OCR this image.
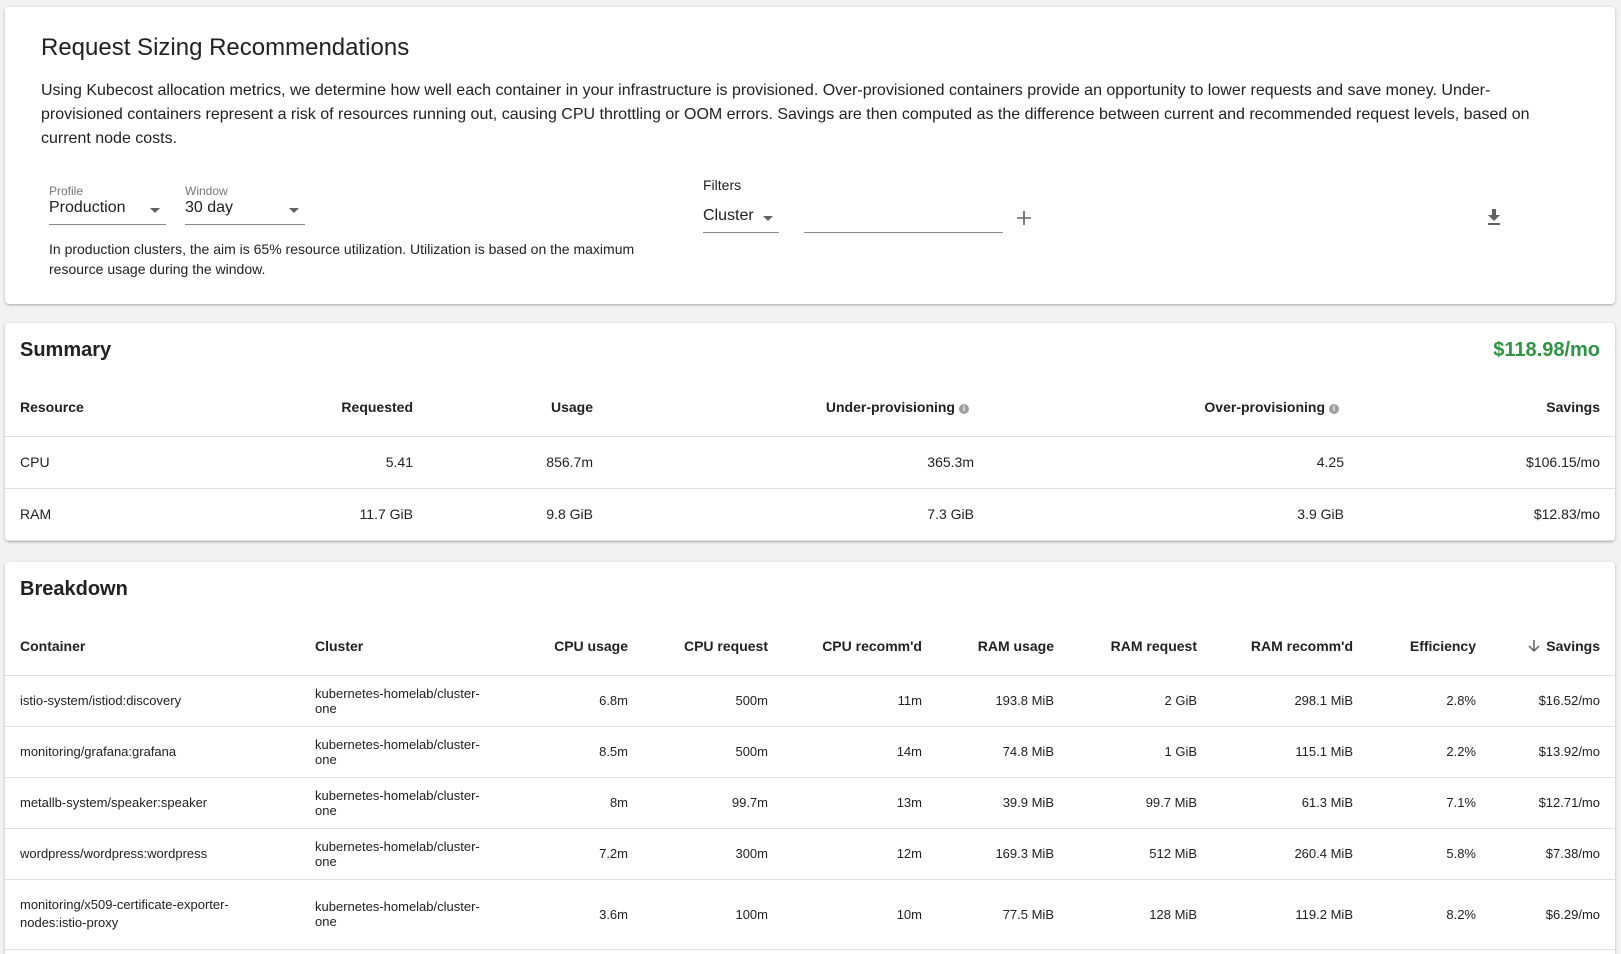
Request Sizing Recommendations

Using Kubecost allocation metrics, we determine how well each container in your infrastructure is provisioned. Over-provisioned containers provide an opportunity to lower requests and save money. Under-provisioned containers represent a risk of resources running out, causing CPU throttling or OOM errors. Savings are then computed as the difference between current and recommended request levels, based on current node costs.

Profile
Production
Window
30 day

In production clusters, the aim is 65% resource utilization. Utilization is based on the maximum resource usage during the window.

Filters
Cluster
Summary	$118.98/mo
Resource	Requested	Usage	Under-provisioning i	Over-provisioning i	Savings
CPU	5.41	856.7m	365.3m	4.25	$106.15/mo
RAM	11.7 GiB	9.8 GiB	7.3 GiB	3.9 GiB	$12.83/mo
Breakdown
Container	Cluster	CPU usage	CPU request	CPU recomm'd	RAM usage	RAM request	RAM recomm'd	Efficiency	Savings
istio-system/istiod:discovery	kubernetes-homelab/cluster-one	6.8m	500m	11m	193.8 MiB	2 GiB	298.1 MiB	2.8%	$16.52/mo
monitoring/grafana:grafana	kubernetes-homelab/cluster-one	8.5m	500m	14m	74.8 MiB	1 GiB	115.1 MiB	2.2%	$13.92/mo
metallb-system/speaker:speaker	kubernetes-homelab/cluster-one	8m	99.7m	13m	39.9 MiB	99.7 MiB	61.3 MiB	7.1%	$12.71/mo
wordpress/wordpress:wordpress	kubernetes-homelab/cluster-one	7.2m	300m	12m	169.3 MiB	512 MiB	260.4 MiB	5.8%	$7.38/mo
monitoring/x509-certificate-exporter-nodes:istio-proxy	kubernetes-homelab/cluster-one	3.6m	100m	10m	77.5 MiB	128 MiB	119.2 MiB	8.2%	$6.29/mo
